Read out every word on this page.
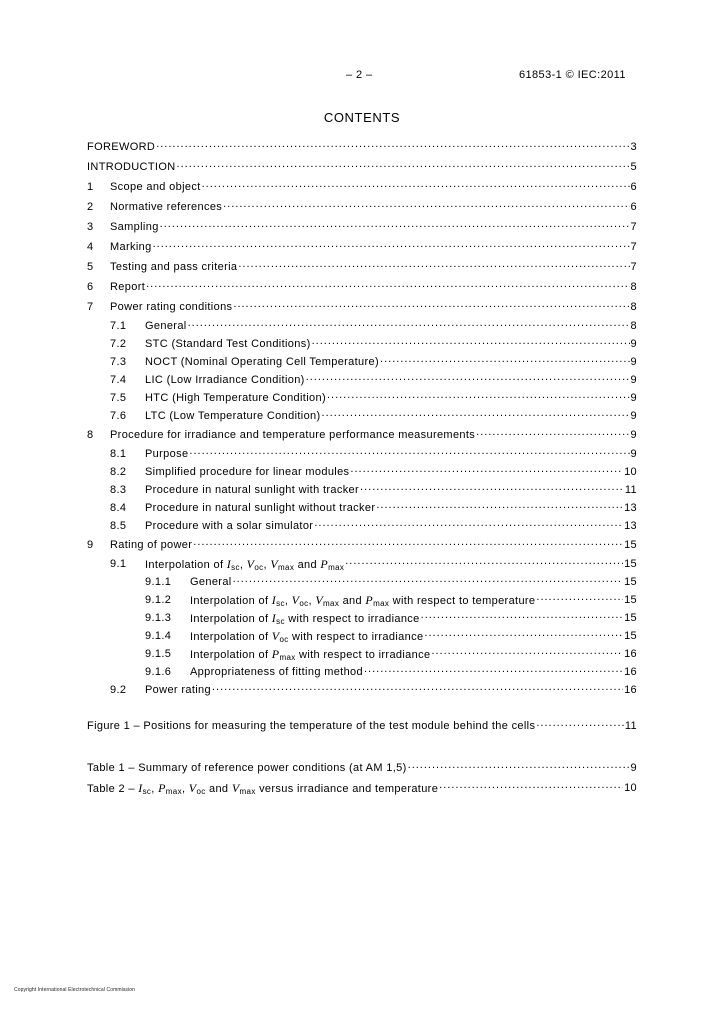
– 2 –	61853-1 © IEC:2011
CONTENTS
FOREWORD .....	3
INTRODUCTION .....	5
1	Scope and object .....	6
2	Normative references .....	6
3	Sampling .....	7
4	Marking .....	7
5	Testing and pass criteria .....	7
6	Report .....	8
7	Power rating conditions .....	8
7.1	General .....	8
7.2	STC (Standard Test Conditions) .....	9
7.3	NOCT (Nominal Operating Cell Temperature) .....	9
7.4	LIC (Low Irradiance Condition) .....	9
7.5	HTC (High Temperature Condition) .....	9
7.6	LTC (Low Temperature Condition) .....	9
8	Procedure for irradiance and temperature performance measurements .....	9
8.1	Purpose .....	9
8.2	Simplified procedure for linear modules .....	10
8.3	Procedure in natural sunlight with tracker .....	11
8.4	Procedure in natural sunlight without tracker .....	13
8.5	Procedure with a solar simulator .....	13
9	Rating of power .....	15
9.1	Interpolation of $I_{sc}$, $V_{oc}$, $V_{max}$ and $P_{max}$ .....	15
9.1.1	General .....	15
9.1.2	Interpolation of $I_{sc}$, $V_{oc}$, $V_{max}$ and $P_{max}$ with respect to temperature .....	15
9.1.3	Interpolation of $I_{sc}$ with respect to irradiance .....	15
9.1.4	Interpolation of $V_{oc}$ with respect to irradiance .....	15
9.1.5	Interpolation of $P_{max}$ with respect to irradiance .....	16
9.1.6	Appropriateness of fitting method .....	16
9.2	Power rating .....	16
Figure 1 – Positions for measuring the temperature of the test module behind the cells .....	11
Table 1 – Summary of reference power conditions (at AM 1,5) .....	9
Table $2 - I_{sc}$, $P_{max}$, $V_{oc}$ and $V_{max}$ versus irradiance and temperature .....	10
Copyright International Electrotechnical Commission
